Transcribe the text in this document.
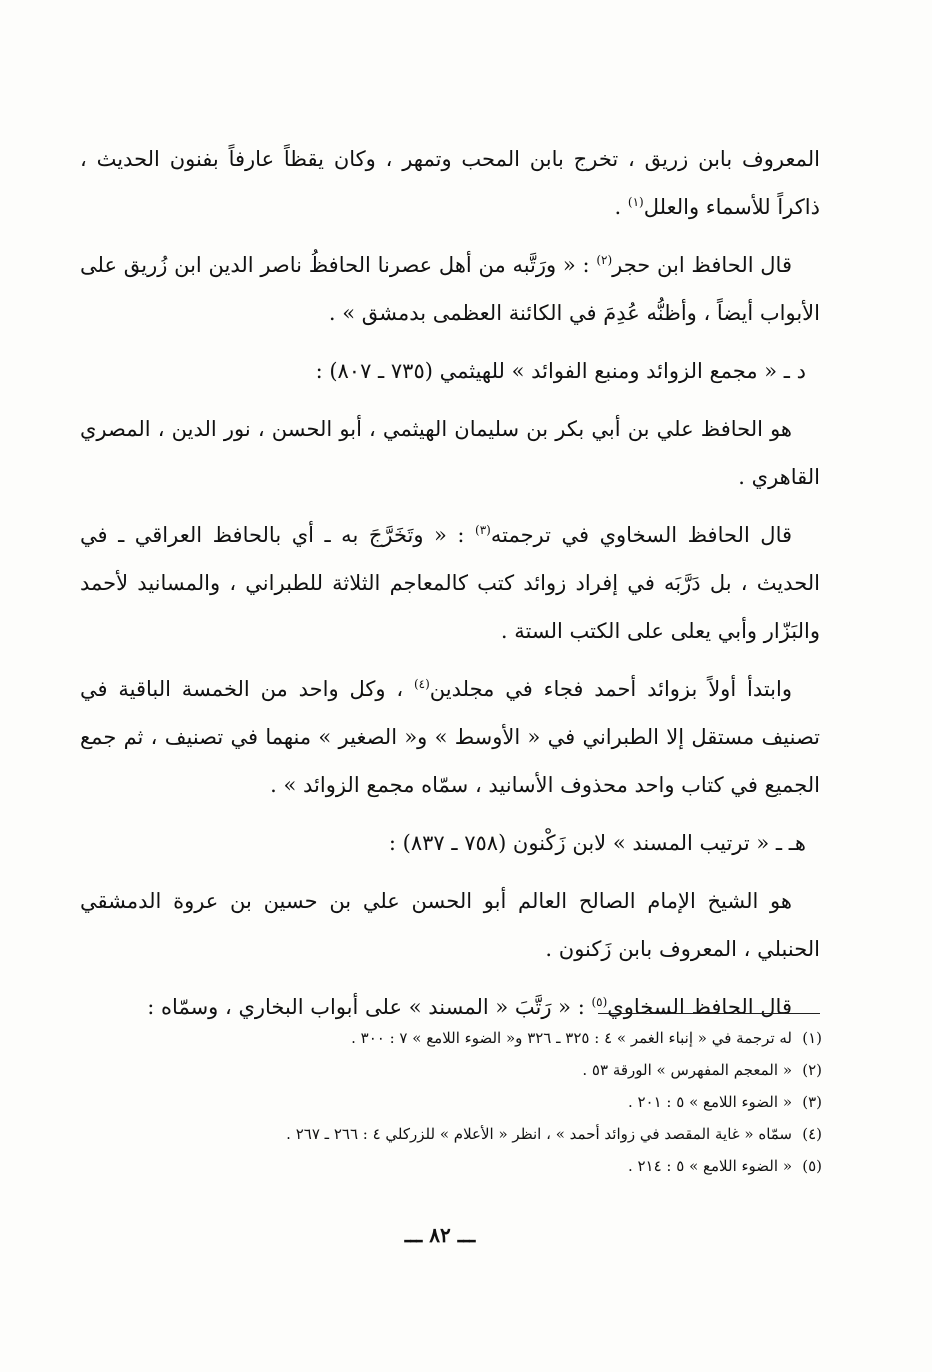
المعروف بابن زريق ، تخرج بابن المحب وتمهر ، وكان يقظاً عارفاً بفنون الحديث ، ذاكراً للأسماء والعلل$^{(١)}$ .

قال الحافظ ابن حجر$^{(٢)}$ : « ورَتَّبه من أهل عصرنا الحافظُ ناصر الدين ابن زُريق على الأبواب أيضاً ، وأظنُّه عُدِمَ في الكائنة العظمى بدمشق » .

د ـ « مجمع الزوائد ومنبع الفوائد » للهيثمي (٧٣٥ ـ ٨٠٧) :

هو الحافظ علي بن أبي بكر بن سليمان الهيثمي ، أبو الحسن ، نور الدين ، المصري القاهري .

قال الحافظ السخاوي في ترجمته$^{(٣)}$ : « وتَخَرَّجَ به ـ أي بالحافظ العراقي ـ في الحديث ، بل دَرَّبَه في إفراد زوائد كتب كالمعاجم الثلاثة للطبراني ، والمسانيد لأحمد والبَزّار وأبي يعلى على الكتب الستة .

وابتدأ أولاً بزوائد أحمد فجاء في مجلدين$^{(٤)}$ ، وكل واحد من الخمسة الباقية في تصنيف مستقل إلا الطبراني في « الأوسط » و« الصغير » منهما في تصنيف ، ثم جمع الجميع في كتاب واحد محذوف الأسانيد ، سمّاه مجمع الزوائد » .

هـ ـ « ترتيب المسند » لابن زَكْنون (٧٥٨ ـ ٨٣٧) :

هو الشيخ الإمام الصالح العالم أبو الحسن علي بن حسين بن عروة الدمشقي الحنبلي ، المعروف بابن زَكنون .

قال الحافظ السخاوي$^{(٥)}$ : « رَتَّبَ « المسند » على أبواب البخاري ، وسمّاه :

(١)له ترجمة في « إنباء الغمر » ٤ : ٣٢٥ ـ ٣٢٦ و« الضوء اللامع » ٧ : ٣٠٠ .

(٢)« المعجم المفهرس » الورقة ٥٣ .

(٣)« الضوء اللامع » ٥ : ٢٠١ .

(٤)سمّاه « غاية المقصد في زوائد أحمد » ، انظر « الأعلام » للزركلي ٤ : ٢٦٦ ـ ٢٦٧ .

(٥)« الضوء اللامع » ٥ : ٢١٤ .

ـــ ٨٢ ـــ
